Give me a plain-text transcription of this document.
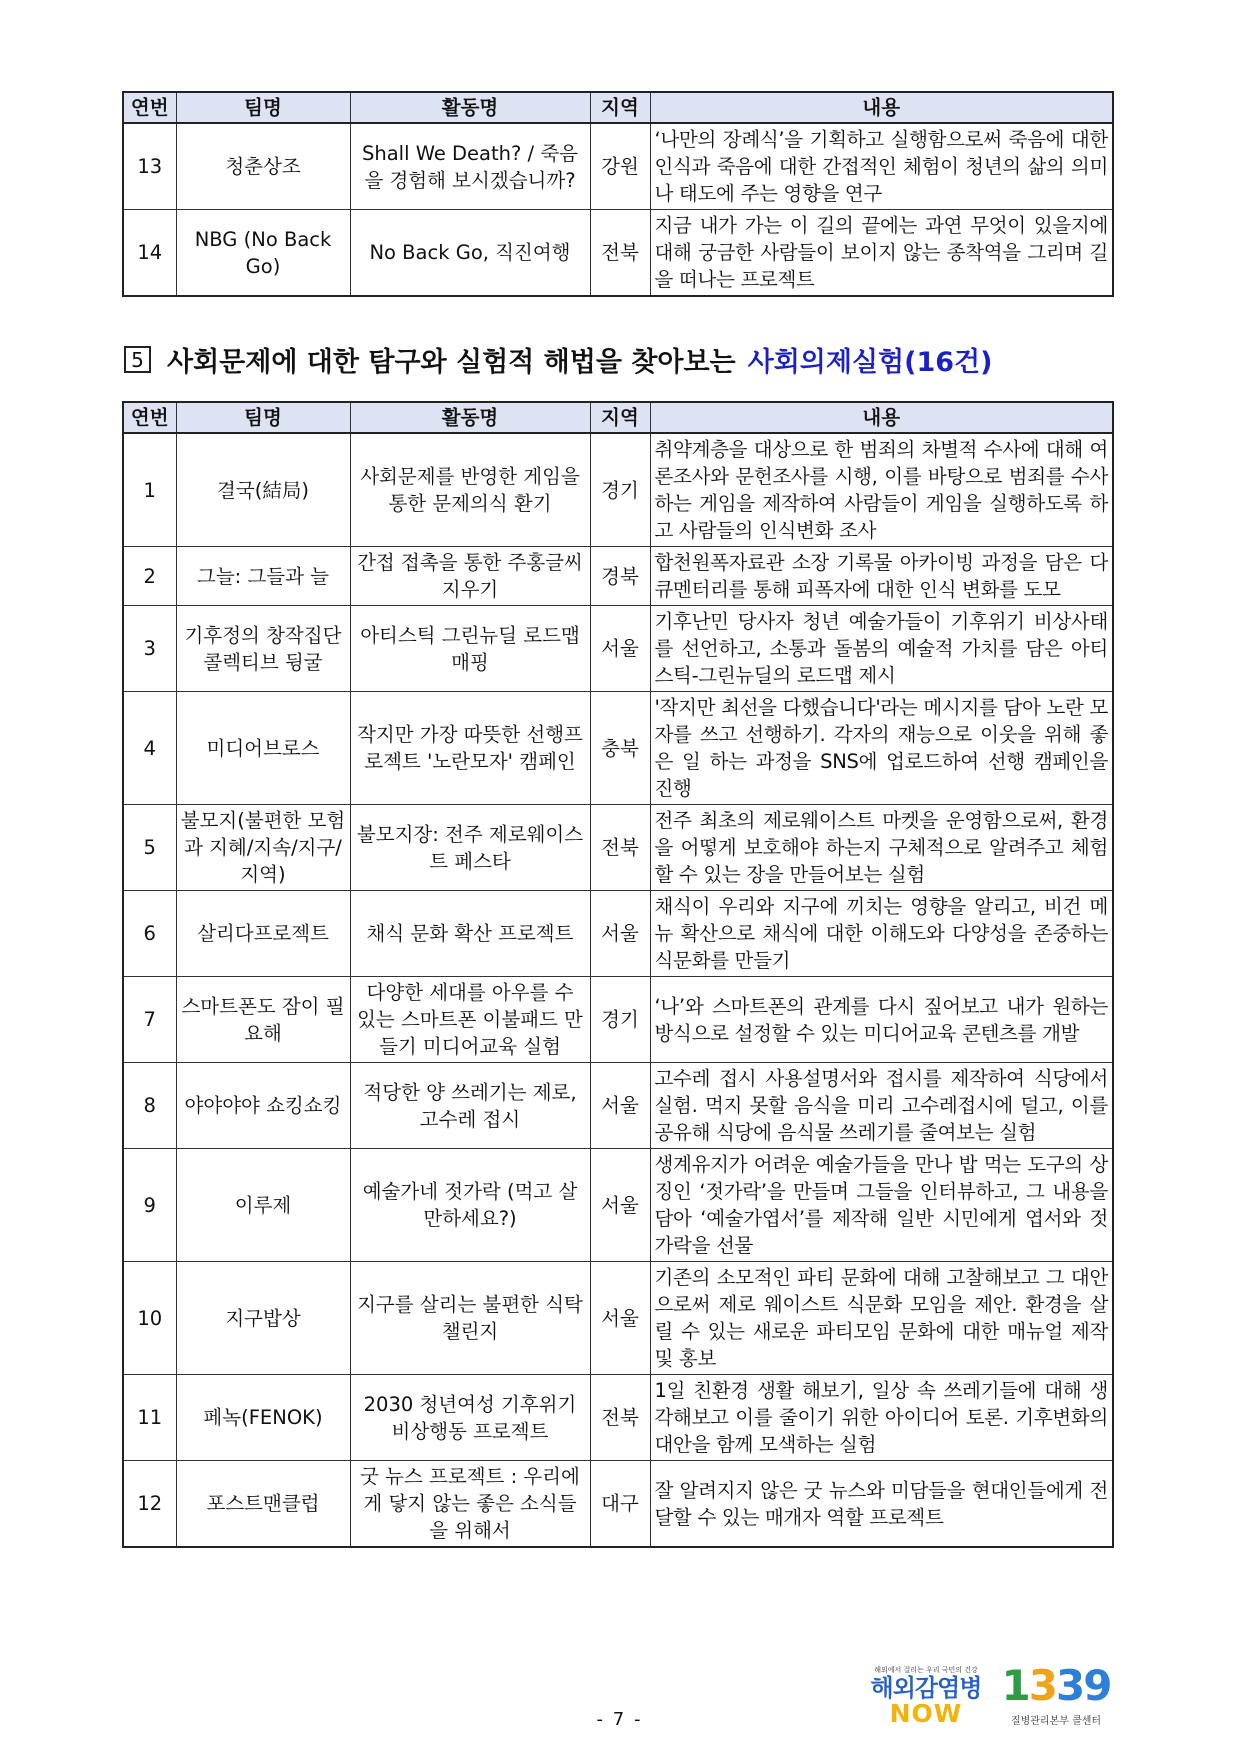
연번	팀명	활동명	지역	내용
13	청춘상조	Shall We Death? / 죽음을 경험해 보시겠습니까?	강원	‘나만의 장례식’을 기획하고 실행함으로써 죽음에 대한 인식과 죽음에 대한 간접적인 체험이 청년의 삶의 의미나 태도에 주는 영향을 연구
14	NBG (No Back Go)	No Back Go, 직진여행	전북	지금 내가 가는 이 길의 끝에는 과연 무엇이 있을지에 대해 궁금한 사람들이 보이지 않는 종착역을 그리며 길을 떠나는 프로젝트
5 사회문제에 대한 탐구와 실험적 해법을 찾아보는 사회의제실험(16건)
연번	팀명	활동명	지역	내용
1	결국(結局)	사회문제를 반영한 게임을 통한 문제의식 환기	경기	취약계층을 대상으로 한 범죄의 차별적 수사에 대해 여론조사와 문헌조사를 시행, 이를 바탕으로 범죄를 수사하는 게임을 제작하여 사람들이 게임을 실행하도록 하고 사람들의 인식변화 조사
2	그늘: 그들과 늘	간접 접촉을 통한 주홍글씨 지우기	경북	합천원폭자료관 소장 기록물 아카이빙 과정을 담은 다큐멘터리를 통해 피폭자에 대한 인식 변화를 도모
3	기후정의 창작집단 콜렉티브 뒹굴	아티스틱 그린뉴딜 로드맵 매핑	서울	기후난민 당사자 청년 예술가들이 기후위기 비상사태를 선언하고, 소통과 돌봄의 예술적 가치를 담은 아티스틱-그린뉴딜의 로드맵 제시
4	미디어브로스	작지만 가장 따뜻한 선행프로젝트 '노란모자' 캠페인	충북	'작지만 최선을 다했습니다'라는 메시지를 담아 노란 모자를 쓰고 선행하기. 각자의 재능으로 이웃을 위해 좋은 일 하는 과정을 SNS에 업로드하여 선행 캠페인을 진행
5	불모지(불편한 모험과 지혜/지속/지구/지역)	불모지장: 전주 제로웨이스트 페스타	전북	전주 최초의 제로웨이스트 마켓을 운영함으로써, 환경을 어떻게 보호해야 하는지 구체적으로 알려주고 체험할 수 있는 장을 만들어보는 실험
6	살리다프로젝트	채식 문화 확산 프로젝트	서울	채식이 우리와 지구에 끼치는 영향을 알리고, 비건 메뉴 확산으로 채식에 대한 이해도와 다양성을 존중하는 식문화를 만들기
7	스마트폰도 잠이 필요해	다양한 세대를 아우를 수 있는 스마트폰 이불패드 만들기 미디어교육 실험	경기	‘나’와 스마트폰의 관계를 다시 짚어보고 내가 원하는 방식으로 설정할 수 있는 미디어교육 콘텐츠를 개발
8	야야야야 쇼킹쇼킹	적당한 양 쓰레기는 제로, 고수레 접시	서울	고수레 접시 사용설명서와 접시를 제작하여 식당에서 실험. 먹지 못할 음식을 미리 고수레접시에 덜고, 이를 공유해 식당에 음식물 쓰레기를 줄여보는 실험
9	이루제	예술가네 젓가락 (먹고 살 만하세요?)	서울	생계유지가 어려운 예술가들을 만나 밥 먹는 도구의 상징인 ‘젓가락’을 만들며 그들을 인터뷰하고, 그 내용을 담아 ‘예술가엽서’를 제작해 일반 시민에게 엽서와 젓가락을 선물
10	지구밥상	지구를 살리는 불편한 식탁 챌린지	서울	기존의 소모적인 파티 문화에 대해 고찰해보고 그 대안으로써 제로 웨이스트 식문화 모임을 제안. 환경을 살릴 수 있는 새로운 파티모임 문화에 대한 매뉴얼 제작 및 홍보
11	페녹(FENOK)	2030 청년여성 기후위기 비상행동 프로젝트	전북	1일 친환경 생활 해보기, 일상 속 쓰레기들에 대해 생각해보고 이를 줄이기 위한 아이디어 토론. 기후변화의 대안을 함께 모색하는 실험
12	포스트맨클럽	굿 뉴스 프로젝트 : 우리에게 닿지 않는 좋은 소식들을 위해서	대구	잘 알려지지 않은 굿 뉴스와 미담들을 현대인들에게 전달할 수 있는 매개자 역할 프로젝트
- 7 -
해외에서 걸리는 우리 국민의 건강
해외감염병
NOW
1339
질병관리본부 콜센터
